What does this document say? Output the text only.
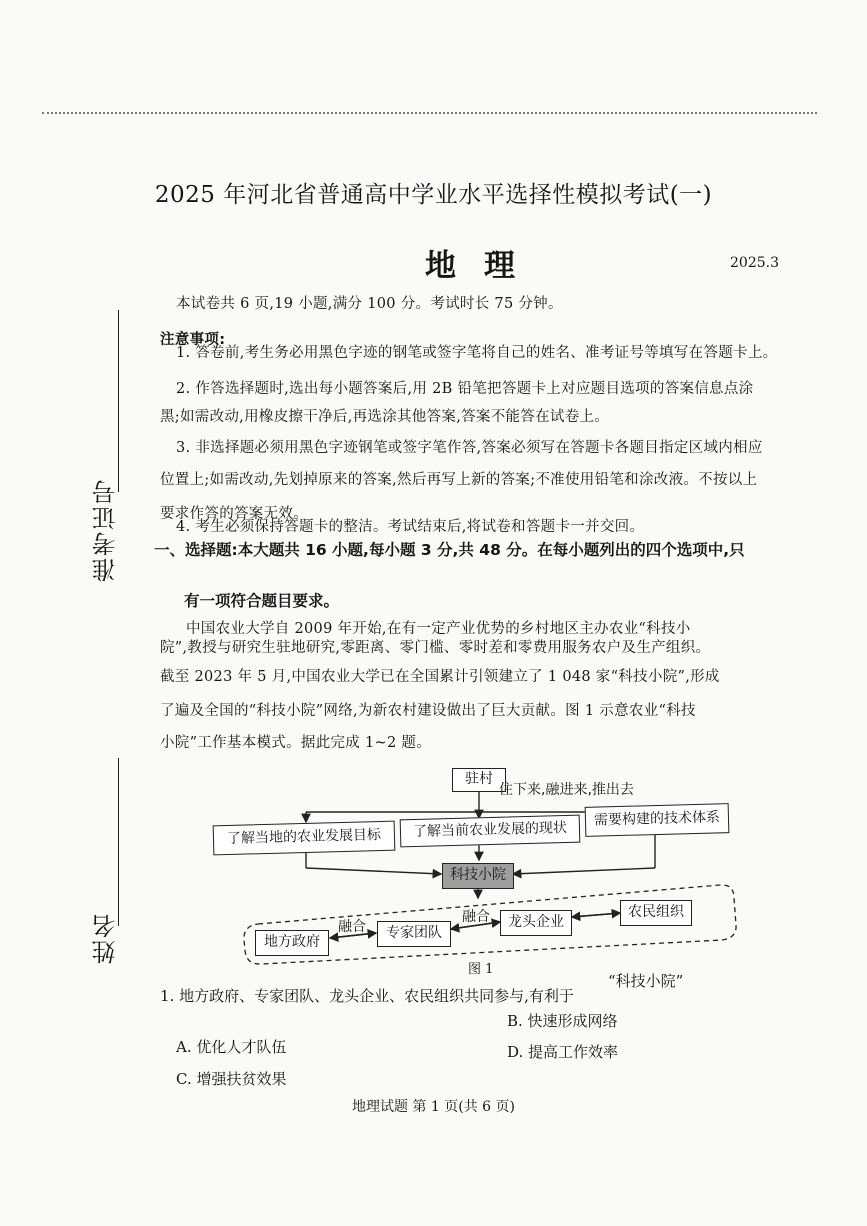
准考证号
姓名
2025 年河北省普通高中学业水平选择性模拟考试(一)
地理	2025.3
本试卷共 6 页,19 小题,满分 100 分。考试时长 75 分钟。
注意事项:
1. 答卷前,考生务必用黑色字迹的钢笔或签字笔将自己的姓名、准考证号等填写在答题卡上。
2. 作答选择题时,选出每小题答案后,用 2B 铅笔把答题卡上对应题目选项的答案信息点涂
黑;如需改动,用橡皮擦干净后,再选涂其他答案,答案不能答在试卷上。
3. 非选择题必须用黑色字迹钢笔或签字笔作答,答案必须写在答题卡各题目指定区域内相应
位置上;如需改动,先划掉原来的答案,然后再写上新的答案;不准使用铅笔和涂改液。不按以上
要求作答的答案无效。
4. 考生必须保持答题卡的整洁。考试结束后,将试卷和答题卡一并交回。
一、选择题:本大题共 16 小题,每小题 3 分,共 48 分。在每小题列出的四个选项中,只
有一项符合题目要求。
中国农业大学自 2009 年开始,在有一定产业优势的乡村地区主办农业“科技小
院”,教授与研究生驻地研究,零距离、零门槛、零时差和零费用服务农户及生产组织。
截至 2023 年 5 月,中国农业大学已在全国累计引领建立了 1 048 家“科技小院”,形成
了遍及全国的“科技小院”网络,为新农村建设做出了巨大贡献。图 1 示意农业“科技
小院”工作基本模式。据此完成 1~2 题。
驻村
住下来,融进来,推出去
了解当地的农业发展目标	了解当前农业发展的现状
需要构建的技术体系
科技小院
地方政府
专家团队
龙头企业
农民组织
融合
融合
图 1
“科技小院”
1. 地方政府、专家团队、龙头企业、农民组织共同参与,有利于
B. 快速形成网络
A. 优化人才队伍	D. 提高工作效率
C. 增强扶贫效果
地理试题 第 1 页(共 6 页)
